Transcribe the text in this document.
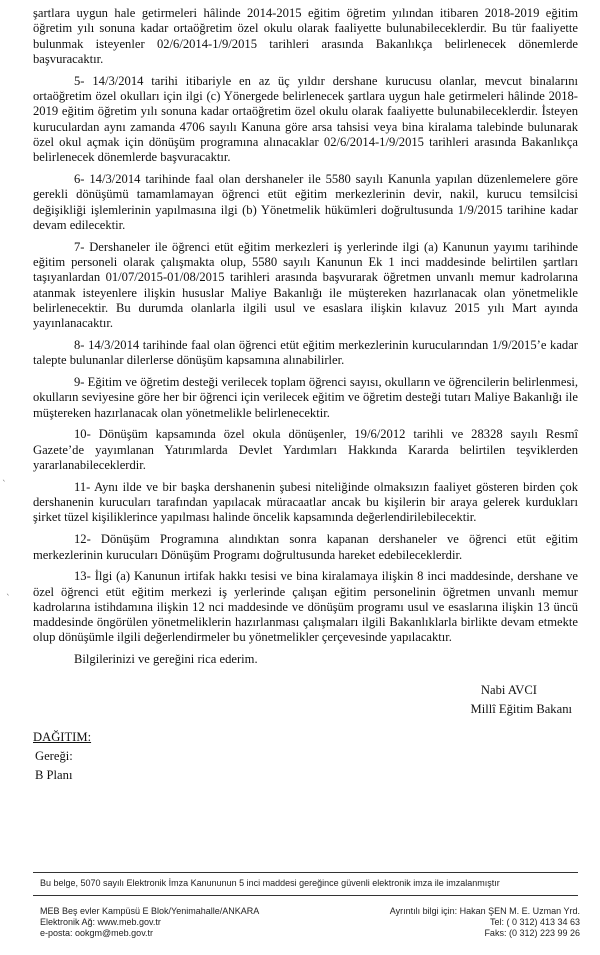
şartlara uygun hale getirmeleri hâlinde 2014-2015 eğitim öğretim yılından itibaren 2018-2019 eğitim öğretim yılı sonuna kadar ortaöğretim özel okulu olarak faaliyette bulunabileceklerdir. Bu tür faaliyette bulunmak isteyenler 02/6/2014-1/9/2015 tarihleri arasında Bakanlıkça belirlenecek dönemlerde başvuracaktır.

5- 14/3/2014 tarihi itibariyle en az üç yıldır dershane kurucusu olanlar, mevcut binalarını ortaöğretim özel okulları için ilgi (c) Yönergede belirlenecek şartlara uygun hale getirmeleri hâlinde 2018-2019 eğitim öğretim yılı sonuna kadar ortaöğretim özel okulu olarak faaliyette bulunabileceklerdir. İsteyen kuruculardan aynı zamanda 4706 sayılı Kanuna göre arsa tahsisi veya bina kiralama talebinde bulunarak özel okul açmak için dönüşüm programına alınacaklar 02/6/2014-1/9/2015 tarihleri arasında Bakanlıkça belirlenecek dönemlerde başvuracaktır.

6- 14/3/2014 tarihinde faal olan dershaneler ile 5580 sayılı Kanunla yapılan düzenlemelere göre gerekli dönüşümü tamamlamayan öğrenci etüt eğitim merkezlerinin devir, nakil, kurucu temsilcisi değişikliği işlemlerinin yapılmasına ilgi (b) Yönetmelik hükümleri doğrultusunda 1/9/2015 tarihine kadar devam edilecektir.

7- Dershaneler ile öğrenci etüt eğitim merkezleri iş yerlerinde ilgi (a) Kanunun yayımı tarihinde eğitim personeli olarak çalışmakta olup, 5580 sayılı Kanunun Ek 1 inci maddesinde belirtilen şartları taşıyanlardan 01/07/2015-01/08/2015 tarihleri arasında başvurarak öğretmen unvanlı memur kadrolarına atanmak isteyenlere ilişkin hususlar Maliye Bakanlığı ile müştereken hazırlanacak olan yönetmelikle belirlenecektir. Bu durumda olanlarla ilgili usul ve esaslara ilişkin kılavuz 2015 yılı Mart ayında yayınlanacaktır.

8- 14/3/2014 tarihinde faal olan öğrenci etüt eğitim merkezlerinin kurucularından 1/9/2015’e kadar talepte bulunanlar dilerlerse dönüşüm kapsamına alınabilirler.

9- Eğitim ve öğretim desteği verilecek toplam öğrenci sayısı, okulların ve öğrencilerin belirlenmesi, okulların seviyesine göre her bir öğrenci için verilecek eğitim ve öğretim desteği tutarı Maliye Bakanlığı ile müştereken hazırlanacak olan yönetmelikle belirlenecektir.

10- Dönüşüm kapsamında özel okula dönüşenler, 19/6/2012 tarihli ve 28328 sayılı Resmî Gazete’de yayımlanan Yatırımlarda Devlet Yardımları Hakkında Kararda belirtilen teşviklerden yararlanabileceklerdir.

11- Aynı ilde ve bir başka dershanenin şubesi niteliğinde olmaksızın faaliyet gösteren birden çok dershanenin kurucuları tarafından yapılacak müracaatlar ancak bu kişilerin bir araya gelerek kurdukları şirket tüzel kişiliklerince yapılması halinde öncelik kapsamında değerlendirilebilecektir.

12- Dönüşüm Programına alındıktan sonra kapanan dershaneler ve öğrenci etüt eğitim merkezlerinin kurucuları Dönüşüm Programı doğrultusunda hareket edebileceklerdir.

13- İlgi (a) Kanunun irtifak hakkı tesisi ve bina kiralamaya ilişkin 8 inci maddesinde, dershane ve özel öğrenci etüt eğitim merkezi iş yerlerinde çalışan eğitim personelinin öğretmen unvanlı memur kadrolarına istihdamına ilişkin 12 nci maddesinde ve dönüşüm programı usul ve esaslarına ilişkin 13 üncü maddesinde öngörülen yönetmeliklerin hazırlanması çalışmaları ilgili Bakanlıklarla birlikte devam etmekte olup dönüşümle ilgili değerlendirmeler bu yönetmelikler çerçevesinde yapılacaktır.

Bilgilerinizi ve gereğini rica ederim.

Nabi AVCI
Millî Eğitim Bakanı
DAĞITIM:
Gereği:
B Planı
Bu belge, 5070 sayılı Elektronik İmza Kanununun 5 inci maddesi gereğince güvenli elektronik imza ile imzalanmıştır
MEB Beş evler Kampüsü E Blok/Yenimahalle/ANKARA	Ayrıntılı bilgi için: Hakan ŞEN M. E. Uzman Yrd.
Elektronik Ağ: www.meb.gov.tr	Tel: ( 0 312) 413 34 63
e-posta: ookgm@meb.gov.tr	Faks: (0 312) 223 99 26
`
`
